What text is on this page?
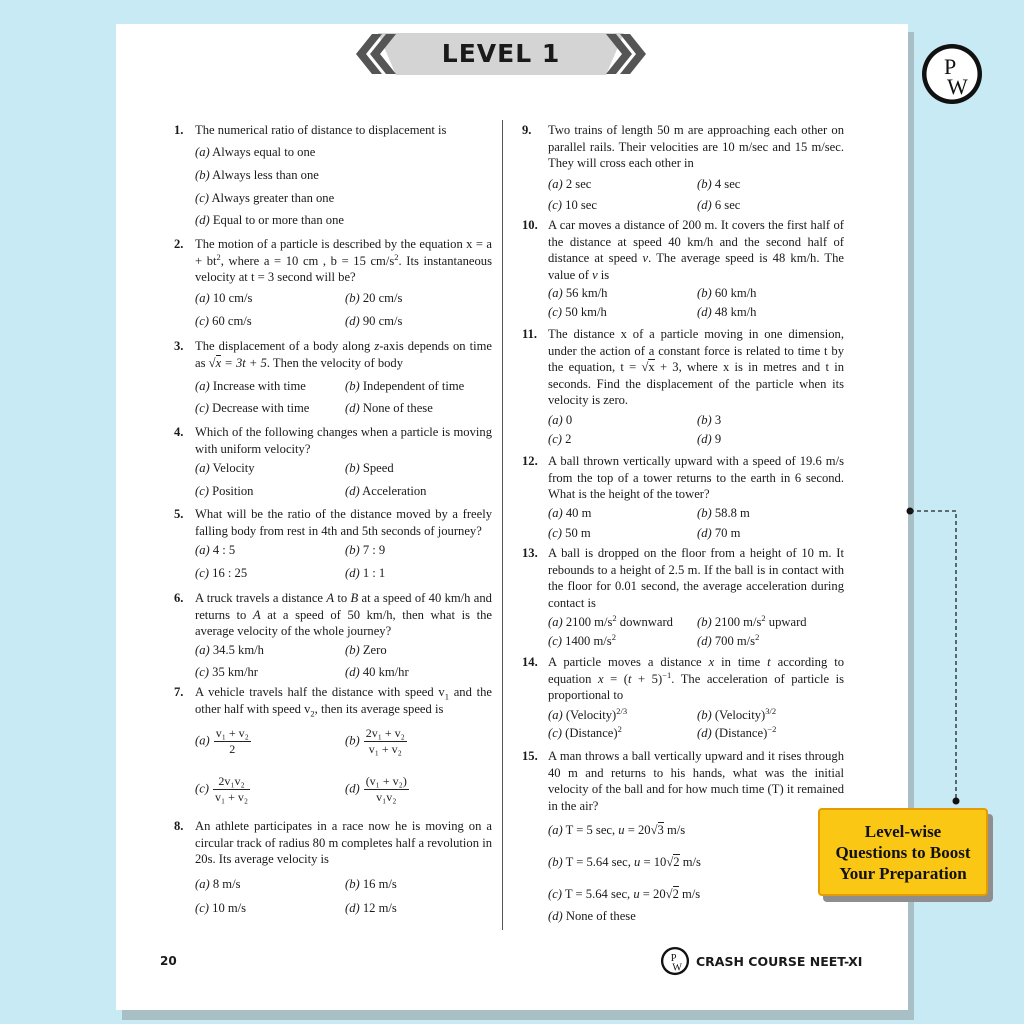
LEVEL 1	P
W
1. The numerical ratio of distance to displacement is
(a) Always equal to one
(b) Always less than one
(c) Always greater than one
(d) Equal to or more than one
2. The motion of a particle is described by the equation $x = a + bt^2$, where a = 10 cm , b = 15 $cm/s^2$. Its instantaneous velocity at t = 3 second will be?
(a) 10 cm/s	(b) 20 cm/s
(c) 60 cm/s	(d) 90 cm/s
3. The displacement of a body along z-axis depends on time as √x = 3t + 5. Then the velocity of body
(a) Increase with time	(b) Independent of time
(c) Decrease with time	(d) None of these
4. Which of the following changes when a particle is moving with uniform velocity?
(a) Velocity	(b) Speed
(c) Position	(d) Acceleration
5. What will be the ratio of the distance moved by a freely falling body from rest in 4th and 5th seconds of journey?
(a) 4 : 5	(b) 7 : 9
(c) 16 : 25	(d) 1 : 1
6. A truck travels a distance A to B at a speed of 40 km/h and returns to A at a speed of 50 km/h, then what is the average velocity of the whole journey?
(a) 34.5 km/h	(b) Zero
(c) 35 km/hr	(d) 40 km/hr
7. A vehicle travels half the distance with speed $v_1$ and the other half with speed $v_2$, then its average speed is
$(a) \frac{\text{v₁ + v₂}}{2}$	$(b) \frac{\text{2v₁ + v₂}}{\text{v₁ + v₂}}$
$(c) \frac{\text{2v₁v₂}}{\text{v₁ + v₂}}$	$(d) \frac{\text{(v₁ + v₂)}}{\text{v₁v₂}}$
8. An athlete participates in a race now he is moving on a circular track of radius 80 m completes half a revolution in 20s. Its average velocity is
(a) 8 m/s	(b) 16 m/s
(c) 10 m/s	(d) 12 m/s
9. Two trains of length 50 m are approaching each other on parallel rails. Their velocities are 10 m/sec and 15 m/sec. They will cross each other in
(a) 2 sec	(b) 4 sec
(c) 10 sec	(d) 6 sec
10. A car moves a distance of 200 m. It covers the first half of the distance at speed 40 km/h and the second half of distance at speed v. The average speed is 48 km/h. The value of v is
(a) 56 km/h	(b) 60 km/h
(c) 50 km/h	(d) 48 km/h
11. The distance x of a particle moving in one dimension, under the action of a constant force is related to time t by the equation, t = √x + 3, where x is in metres and t in seconds. Find the displacement of the particle when its velocity is zero.
(a) 0	(b) 3
(c) 2	(d) 9
12. A ball thrown vertically upward with a speed of 19.6 m/s from the top of a tower returns to the earth in 6 second. What is the height of the tower?
(a) 40 m	(b) 58.8 m
(c) 50 m	(d) 70 m
13. A ball is dropped on the floor from a height of 10 m. It rebounds to a height of 2.5 m. If the ball is in contact with the floor for 0.01 second, the average acceleration during contact is
(a) 2100 $m/s^2$ downward (b) 2100 $m/s^2$ upward
(c) 1400 $m/s^2$	(d) 700 $m/s^2$
14. A particle moves a distance x in time t according to equation $x = (t + 5)^{-1}$. The acceleration of particle is proportional to
(a) (Velocity)$^{2/3}$	(b) (Velocity)$^{3/2}$
(c) (Distance)$^2$	(d) (Distance)$^{-2}$
15. A man throws a ball vertically upward and it rises through 40 m and returns to his hands, what was the initial velocity of the ball and for how much time (T) it remained in the air?
(a) T = 5 sec, u = 20√3 m/s
(b) T = 5.64 sec, u = 10√2 m/s
(c) T = 5.64 sec, u = 20√2 m/s
(d) None of these
20	P
W CRASH COURSE NEET-XI
Level-wise
Questions to Boost
Your Preparation
